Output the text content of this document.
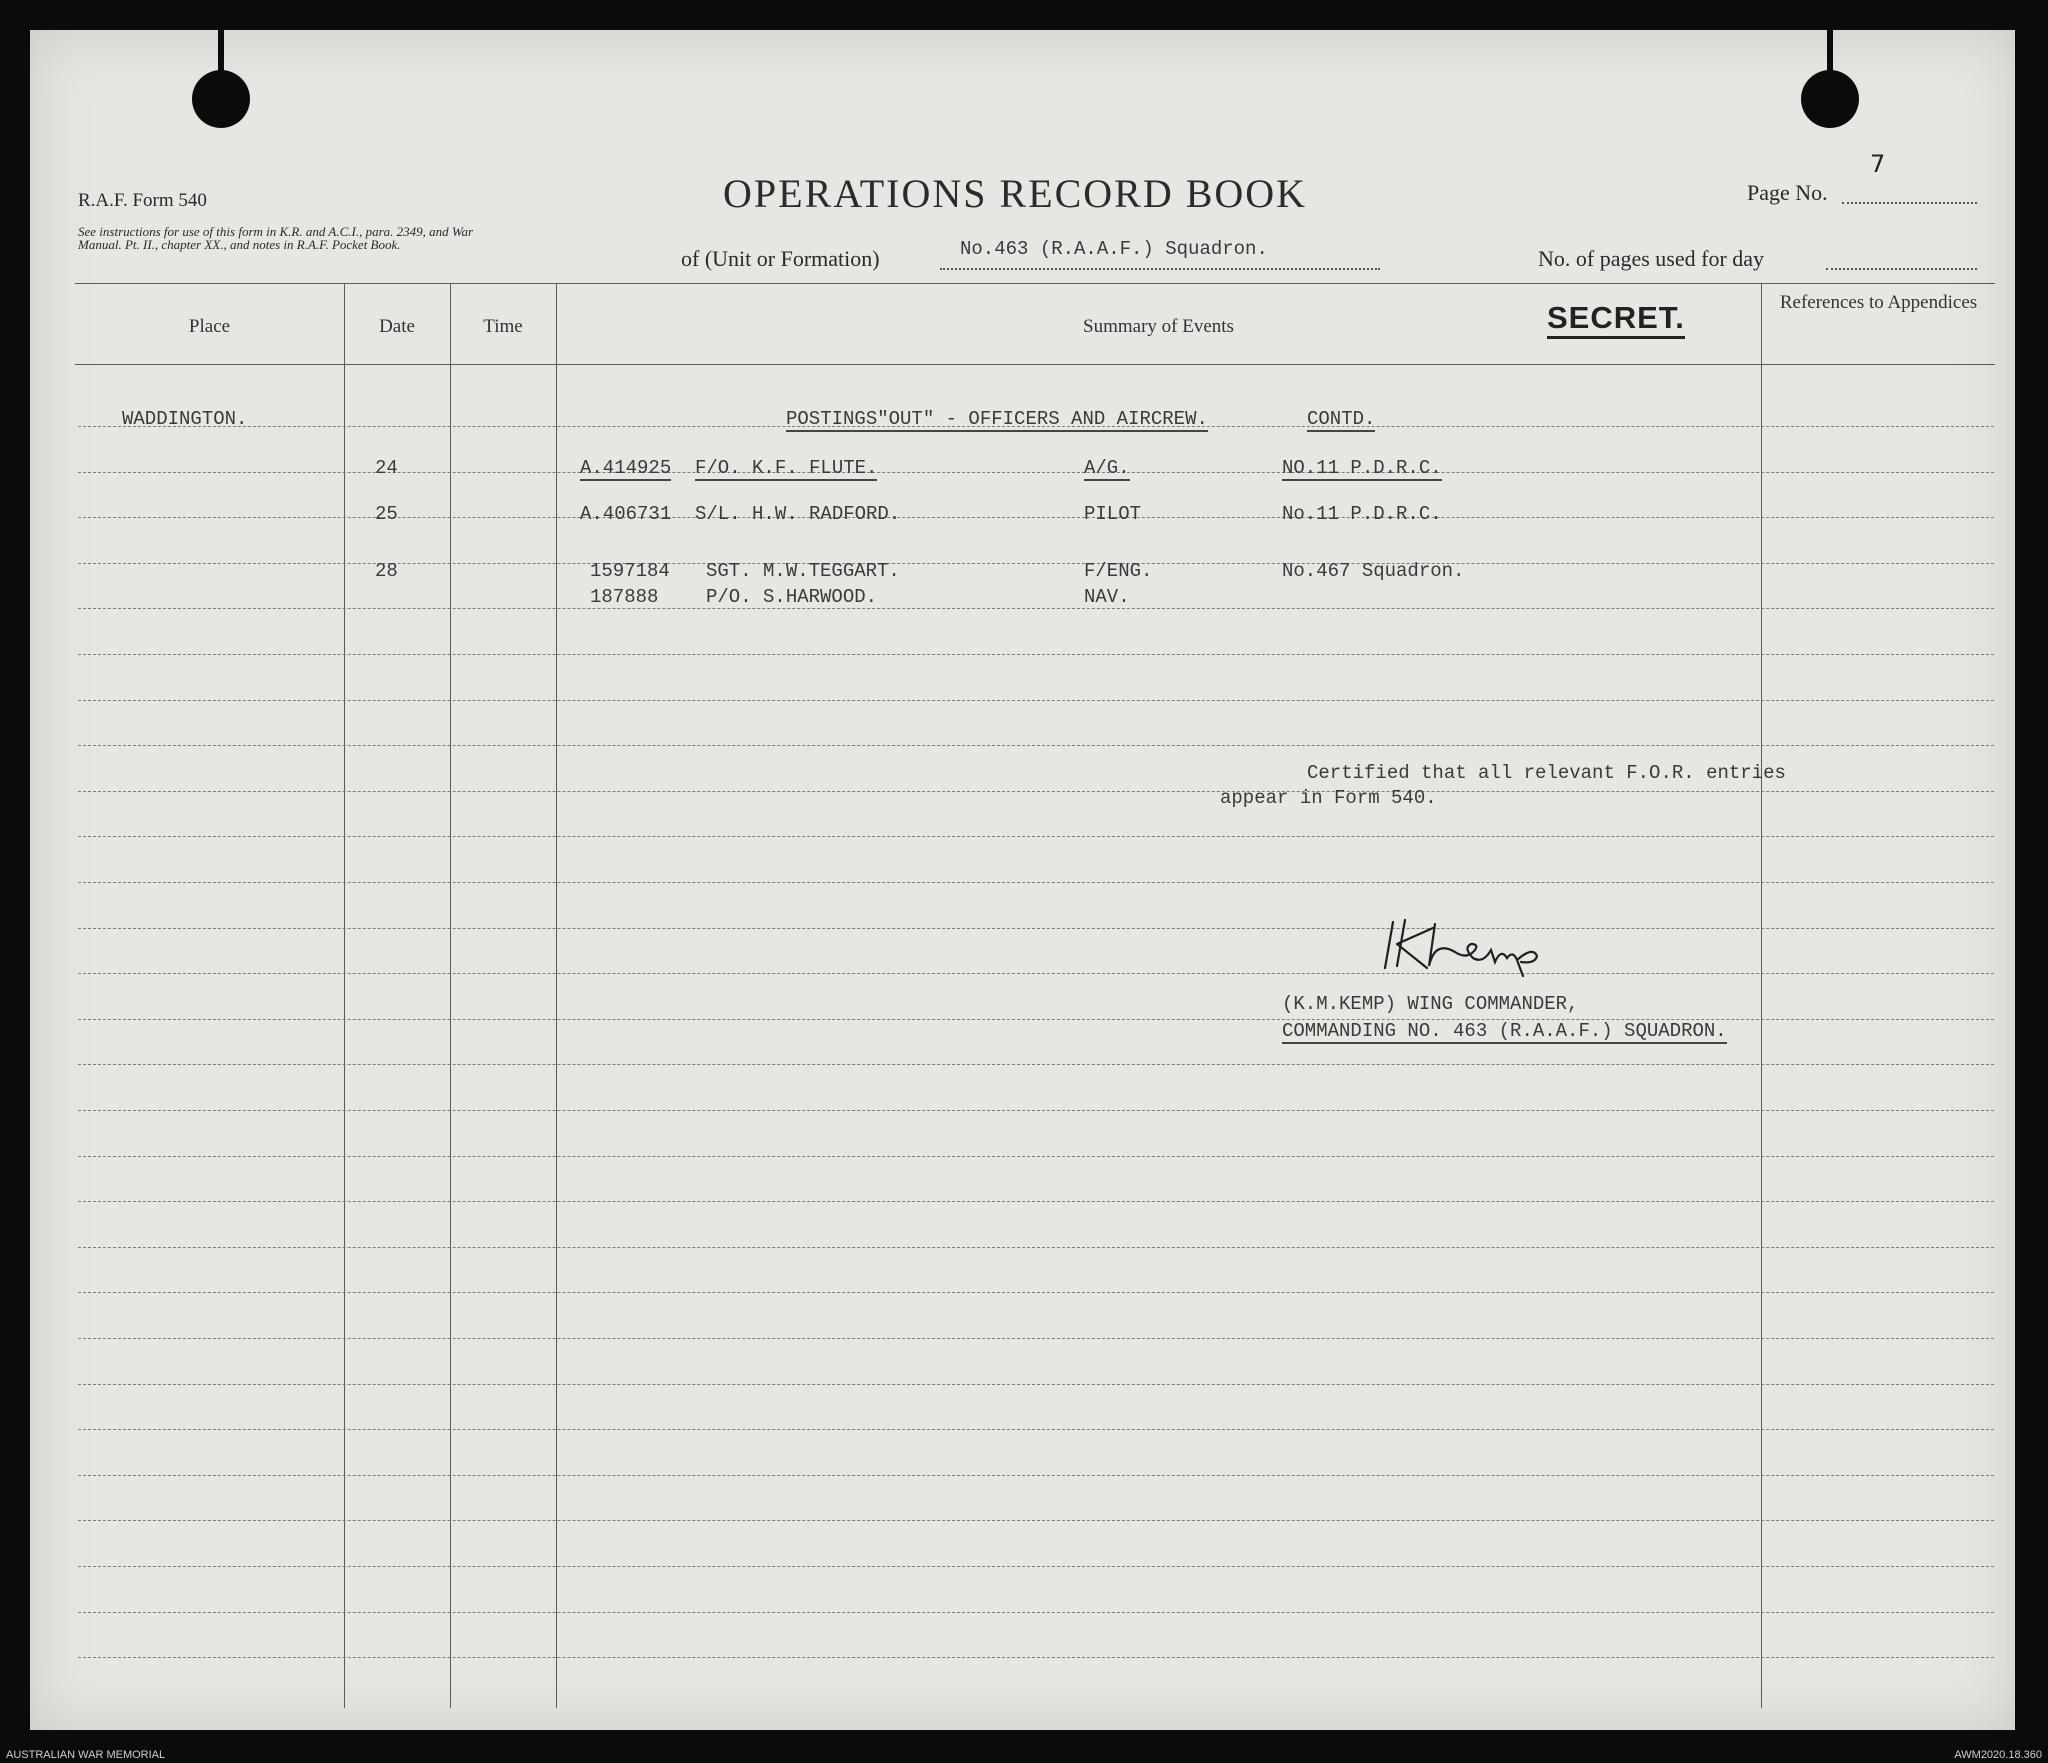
R.A.F. Form 540
See instructions for use of this form in K.R. and A.C.I., para. 2349, and War Manual. Pt. II., chapter XX., and notes in R.A.F. Pocket Book.
OPERATIONS RECORD BOOK	Page No.
7
of (Unit or Formation)	No.463 (R.A.A.F.) Squadron.	No. of pages used for day
Place	Date	Time	Summary of Events	SECRET.	References to Appendices
WADDINGTON.	POSTINGS"OUT" - OFFICERS AND AIRCREW.	CONTD.
24	A.414925 F/O. K.F. FLUTE.	A/G.	NO.11 P.D.R.C.
25	A.406731 S/L. H.W. RADFORD.	PILOT	No.11 P.D.R.C.
28	1597184 SGT. M.W.TEGGART.	F/ENG.	No.467 Squadron.
187888	P/O. S.HARWOOD.	NAV.
Certified that all relevant F.O.R. entries
appear in Form 540.
(K.M.KEMP) WING COMMANDER,
COMMANDING NO. 463 (R.A.A.F.) SQUADRON.
AUSTRALIAN WAR MEMORIAL	AWM2020.18.360
